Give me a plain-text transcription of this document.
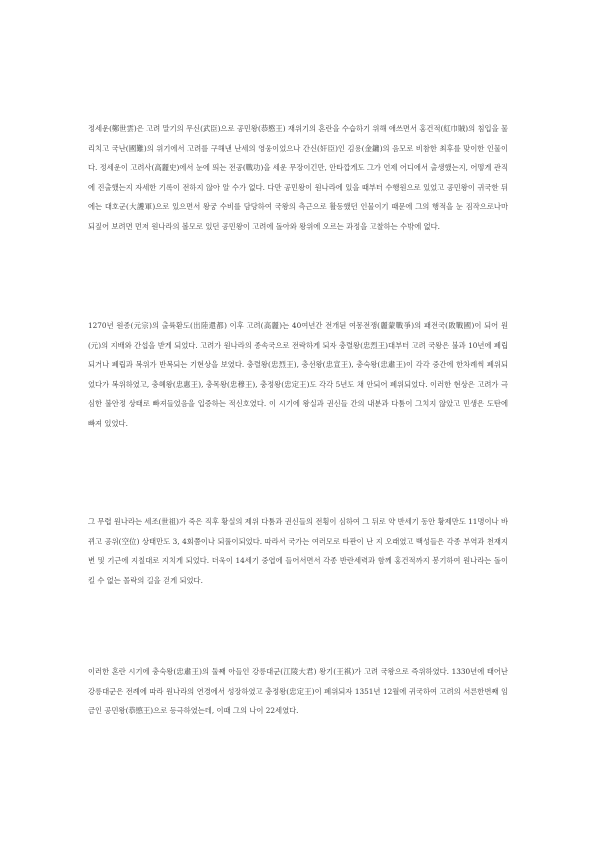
정세운(鄭世雲)은 고려 말기의 무신(武臣)으로 공민왕(恭愍王) 재위기의 혼란을 수습하기 위해 애쓰면서 홍건적(紅巾賊)의 침입을 물리치고 국난(國難)의 위기에서 고려를 구해낸 난세의 영웅이었으나 간신(奸臣)인 김용(金鏞)의 음모로 비참한 최후를 맞이한 인물이다. 정세운이 고려사(高麗史)에서 눈에 띄는 전공(戰功)을 세운 무장이긴만, 안타깝게도 그가 언제 어디에서 출생했는지, 어떻게 관직에 진출했는지 자세한 기록이 전하지 않아 알 수가 없다. 다만 공민왕이 원나라에 있을 때부터 수행원으로 있었고 공민왕이 귀국한 뒤에는 대호군(大護軍)으로 있으면서 왕궁 수비를 담당하여 국왕의 측근으로 활동했던 인물이기 때문에 그의 행적을 눈 짐작으로나마 되짚어 보려면 먼저 원나라의 볼모로 있던 공민왕이 고려에 돌아와 왕위에 오르는 과정을 고찰하는 수밖에 없다.

1270년 원종(元宗)의 출륙환도(出陸還都) 이후 고려(高麗)는 40여년간 전개된 여몽전쟁(麗蒙戰爭)의 패전국(敗戰國)이 되어 원(元)의 지배와 간섭을 받게 되었다. 고려가 원나라의 종속국으로 전락하게 되자 충렬왕(忠烈王)대부터 고려 국왕은 불과 10년에 폐립되거나 폐립과 복위가 반복되는 기현상을 보였다. 충렬왕(忠烈王), 충선왕(忠宣王), 충숙왕(忠肅王)이 각각 중간에 한차례씩 폐위되었다가 복위하였고, 충혜왕(忠惠王), 충목왕(忠穆王), 충정왕(忠定王)도 각각 5년도 채 안되어 폐위되었다. 이러한 현상은 고려가 극심한 불안정 상태로 빠져들었음을 입증하는 적신호였다. 이 시기에 왕실과 권신들 간의 내분과 다툼이 그치지 않았고 민생은 도탄에 빠져 있었다.

그 무렵 원나라는 세조(世祖)가 죽은 직후 황실의 제위 다툼과 권신들의 전횡이 심하여 그 뒤로 약 반세기 동안 황제만도 11명이나 바뀌고 공위(空位) 상태만도 3, 4회쯤이나 되풀이되었다. 따라서 국가는 여러모로 타판이 난 지 오래였고 백성들은 각종 부역과 천재지변 및 기근에 지칠대로 지치게 되었다. 더욱이 14세기 중엽에 들어서면서 각종 반란세력과 함께 홍건적까지 봉기하여 원나라는 돌이킬 수 없는 몰락의 길을 걷게 되었다.

이러한 혼란 시기에 충숙왕(忠肅王)의 둘째 아들인 강릉대군(江陵大君) 왕기(王祺)가 고려 국왕으로 즉위하였다. 1330년에 태어난 강릉대군은 전례에 따라 원나라의 연경에서 성장하였고 충정왕(忠定王)이 폐위되자 1351년 12월에 귀국하여 고려의 서른한번째 임금인 공민왕(恭愍王)으로 등극하였는데, 이때 그의 나이 22세였다.
